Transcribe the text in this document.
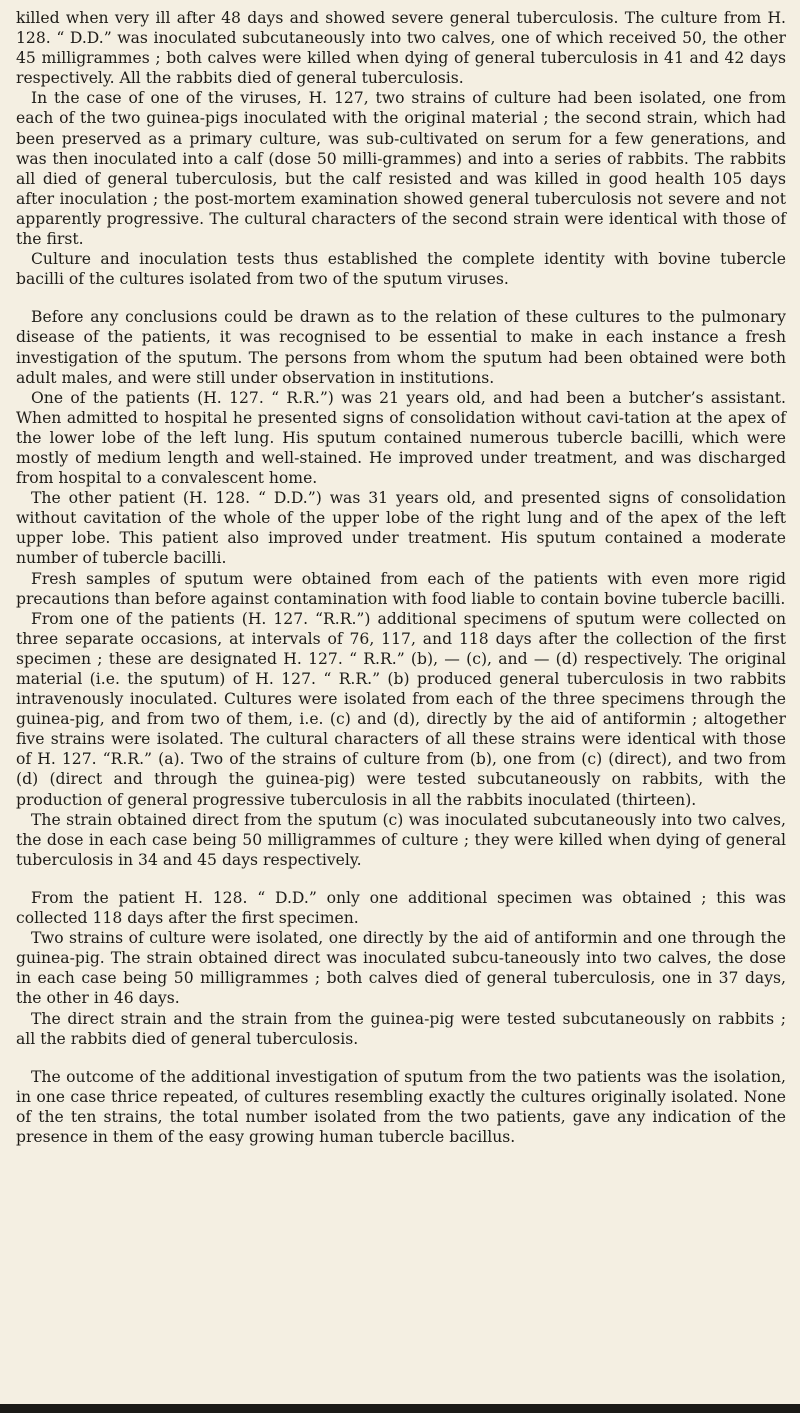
killed when very ill after 48 days and showed severe general tuberculosis. The culture from H. 128. “ D.D.” was inoculated subcutaneously into two calves, one of which received 50, the other 45 milligrammes ; both calves were killed when dying of general tuberculosis in 41 and 42 days respectively. All the rabbits died of general tuberculosis.

In the case of one of the viruses, H. 127, two strains of culture had been isolated, one from each of the two guinea-pigs inoculated with the original material ; the second strain, which had been preserved as a primary culture, was sub-cultivated on serum for a few generations, and was then inoculated into a calf (dose 50 milli-grammes) and into a series of rabbits. The rabbits all died of general tuberculosis, but the calf resisted and was killed in good health 105 days after inoculation ; the post-mortem examination showed general tuberculosis not severe and not apparently progressive. The cultural characters of the second strain were identical with those of the first.

Culture and inoculation tests thus established the complete identity with bovine tubercle bacilli of the cultures isolated from two of the sputum viruses.

Before any conclusions could be drawn as to the relation of these cultures to the pulmonary disease of the patients, it was recognised to be essential to make in each instance a fresh investigation of the sputum. The persons from whom the sputum had been obtained were both adult males, and were still under observation in institutions.

One of the patients (H. 127. “ R.R.”) was 21 years old, and had been a butcher’s assistant. When admitted to hospital he presented signs of consolidation without cavi-tation at the apex of the lower lobe of the left lung. His sputum contained numerous tubercle bacilli, which were mostly of medium length and well-stained. He improved under treatment, and was discharged from hospital to a convalescent home.

The other patient (H. 128. “ D.D.”) was 31 years old, and presented signs of consolidation without cavitation of the whole of the upper lobe of the right lung and of the apex of the left upper lobe. This patient also improved under treatment. His sputum contained a moderate number of tubercle bacilli.

Fresh samples of sputum were obtained from each of the patients with even more rigid precautions than before against contamination with food liable to contain bovine tubercle bacilli.

From one of the patients (H. 127. “R.R.”) additional specimens of sputum were collected on three separate occasions, at intervals of 76, 117, and 118 days after the collection of the first specimen ; these are designated H. 127. “ R.R.” (b), — (c), and — (d) respectively. The original material (i.e. the sputum) of H. 127. “ R.R.” (b) produced general tuberculosis in two rabbits intravenously inoculated. Cultures were isolated from each of the three specimens through the guinea-pig, and from two of them, i.e. (c) and (d), directly by the aid of antiformin ; altogether five strains were isolated. The cultural characters of all these strains were identical with those of H. 127. “R.R.” (a). Two of the strains of culture from (b), one from (c) (direct), and two from (d) (direct and through the guinea-pig) were tested subcutaneously on rabbits, with the production of general progressive tuberculosis in all the rabbits inoculated (thirteen).

The strain obtained direct from the sputum (c) was inoculated subcutaneously into two calves, the dose in each case being 50 milligrammes of culture ; they were killed when dying of general tuberculosis in 34 and 45 days respectively.

From the patient H. 128. “ D.D.” only one additional specimen was obtained ; this was collected 118 days after the first specimen.

Two strains of culture were isolated, one directly by the aid of antiformin and one through the guinea-pig. The strain obtained direct was inoculated subcu-taneously into two calves, the dose in each case being 50 milligrammes ; both calves died of general tuberculosis, one in 37 days, the other in 46 days.

The direct strain and the strain from the guinea-pig were tested subcutaneously on rabbits ; all the rabbits died of general tuberculosis.

The outcome of the additional investigation of sputum from the two patients was the isolation, in one case thrice repeated, of cultures resembling exactly the cultures originally isolated. None of the ten strains, the total number isolated from the two patients, gave any indication of the presence in them of the easy growing human tubercle bacillus.
